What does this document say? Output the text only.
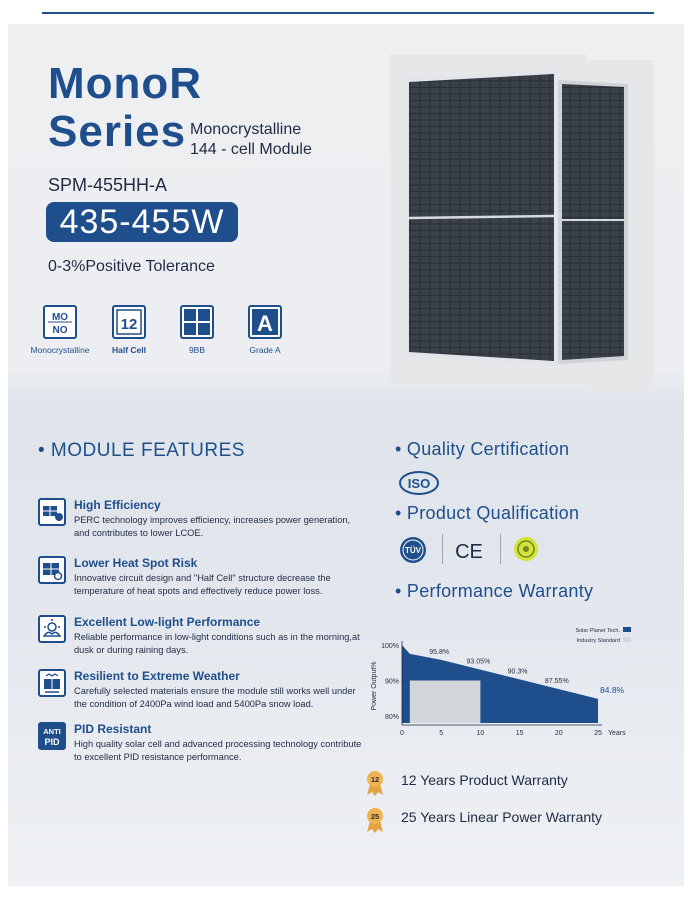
MonoR
Series Monocrystalline
144 - cell Module
SPM-455HH-A
435-455W
0-3%Positive Tolerance
MO
NO
Monocrystalline
12
Half Cell	9BB
A
Grade A
• MODULE FEATURES
High Efficiency
PERC technology improves efficiency, increases power generation, and contributes to lower LCOE.
Lower Heat Spot Risk
Innovative circuit design and "Half Cell" structure decrease the temperature of heat spots and effectively reduce power loss.
Excellent Low-light Performance
Reliable performance in low-light conditions such as in the morning,at dusk or during raining days.
Resilient to Extreme Weather
Carefully selected materials ensure the module still works well under the condition of 2400Pa wind load and 5400Pa snow load.
ANTI
PID
PID Resistant
High quality solar cell and advanced processing technology contribute to excellent PID resistance performance.
• Quality Certification
ISO
• Product Qualification
TÜV CE
• Performance Warranty
100%
90%
80%
Power Output%
0	5	10	15	20	25 Years
95.8%
93.05%
90.3%
87.55%
84.8%
Solar Planet Tech.
Industry Standard
12 12 Years Product Warranty
25 25 Years Linear Power Warranty
